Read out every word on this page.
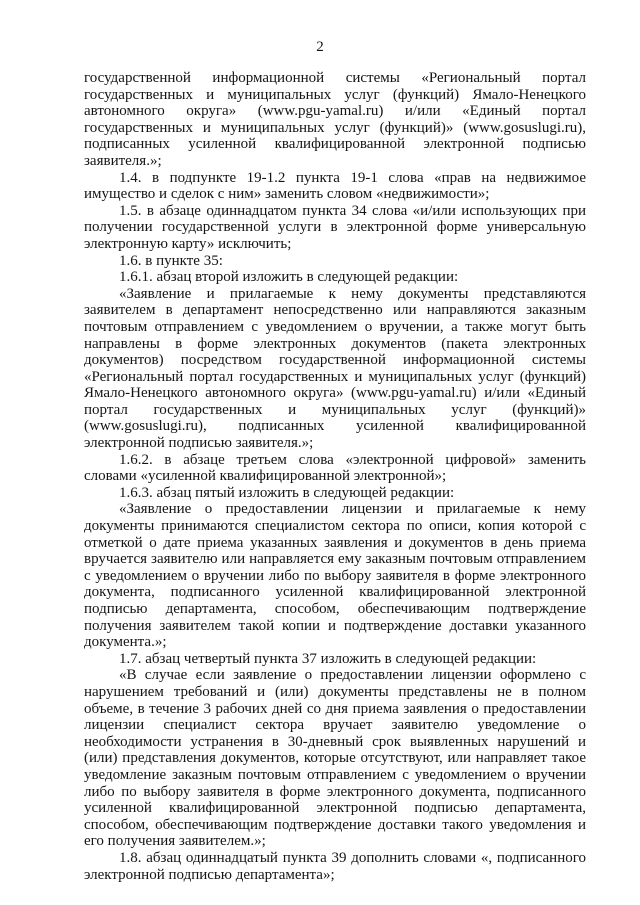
2

государственной информационной системы «Региональный портал государственных и муниципальных услуг (функций) Ямало-Ненецкого автономного округа» (www.pgu-yamal.ru) и/или «Единый портал государственных и муниципальных услуг (функций)» (www.gosuslugi.ru), подписанных усиленной квалифицированной электронной подписью заявителя.»;

1.4. в подпункте 19-1.2 пункта 19-1 слова «прав на недвижимое имущество и сделок с ним» заменить словом «недвижимости»;

1.5. в абзаце одиннадцатом пункта 34 слова «и/или использующих при получении государственной услуги в электронной форме универсальную электронную карту» исключить;

1.6. в пункте 35:

1.6.1. абзац второй изложить в следующей редакции:

«Заявление и прилагаемые к нему документы представляются заявителем в департамент непосредственно или направляются заказным почтовым отправлением с уведомлением о вручении, а также могут быть направлены в форме электронных документов (пакета электронных документов) посредством государственной информационной системы «Региональный портал государственных и муниципальных услуг (функций) Ямало-Ненецкого автономного округа» (www.pgu-yamal.ru) и/или «Единый портал государственных и муниципальных услуг (функций)» (www.gosuslugi.ru), подписанных усиленной квалифицированной электронной подписью заявителя.»;

1.6.2. в абзаце третьем слова «электронной цифровой» заменить словами «усиленной квалифицированной электронной»;

1.6.3. абзац пятый изложить в следующей редакции:

«Заявление о предоставлении лицензии и прилагаемые к нему документы принимаются специалистом сектора по описи, копия которой с отметкой о дате приема указанных заявления и документов в день приема вручается заявителю или направляется ему заказным почтовым отправлением с уведомлением о вручении либо по выбору заявителя в форме электронного документа, подписанного усиленной квалифицированной электронной подписью департамента, способом, обеспечивающим подтверждение получения заявителем такой копии и подтверждение доставки указанного документа.»;

1.7. абзац четвертый пункта 37 изложить в следующей редакции:

«В случае если заявление о предоставлении лицензии оформлено с нарушением требований и (или) документы представлены не в полном объеме, в течение 3 рабочих дней со дня приема заявления о предоставлении лицензии специалист сектора вручает заявителю уведомление о необходимости устранения в 30-дневный срок выявленных нарушений и (или) представления документов, которые отсутствуют, или направляет такое уведомление заказным почтовым отправлением с уведомлением о вручении либо по выбору заявителя в форме электронного документа, подписанного усиленной квалифицированной электронной подписью департамента, способом, обеспечивающим подтверждение доставки такого уведомления и его получения заявителем.»;

1.8. абзац одиннадцатый пункта 39 дополнить словами «, подписанного электронной подписью департамента»;
